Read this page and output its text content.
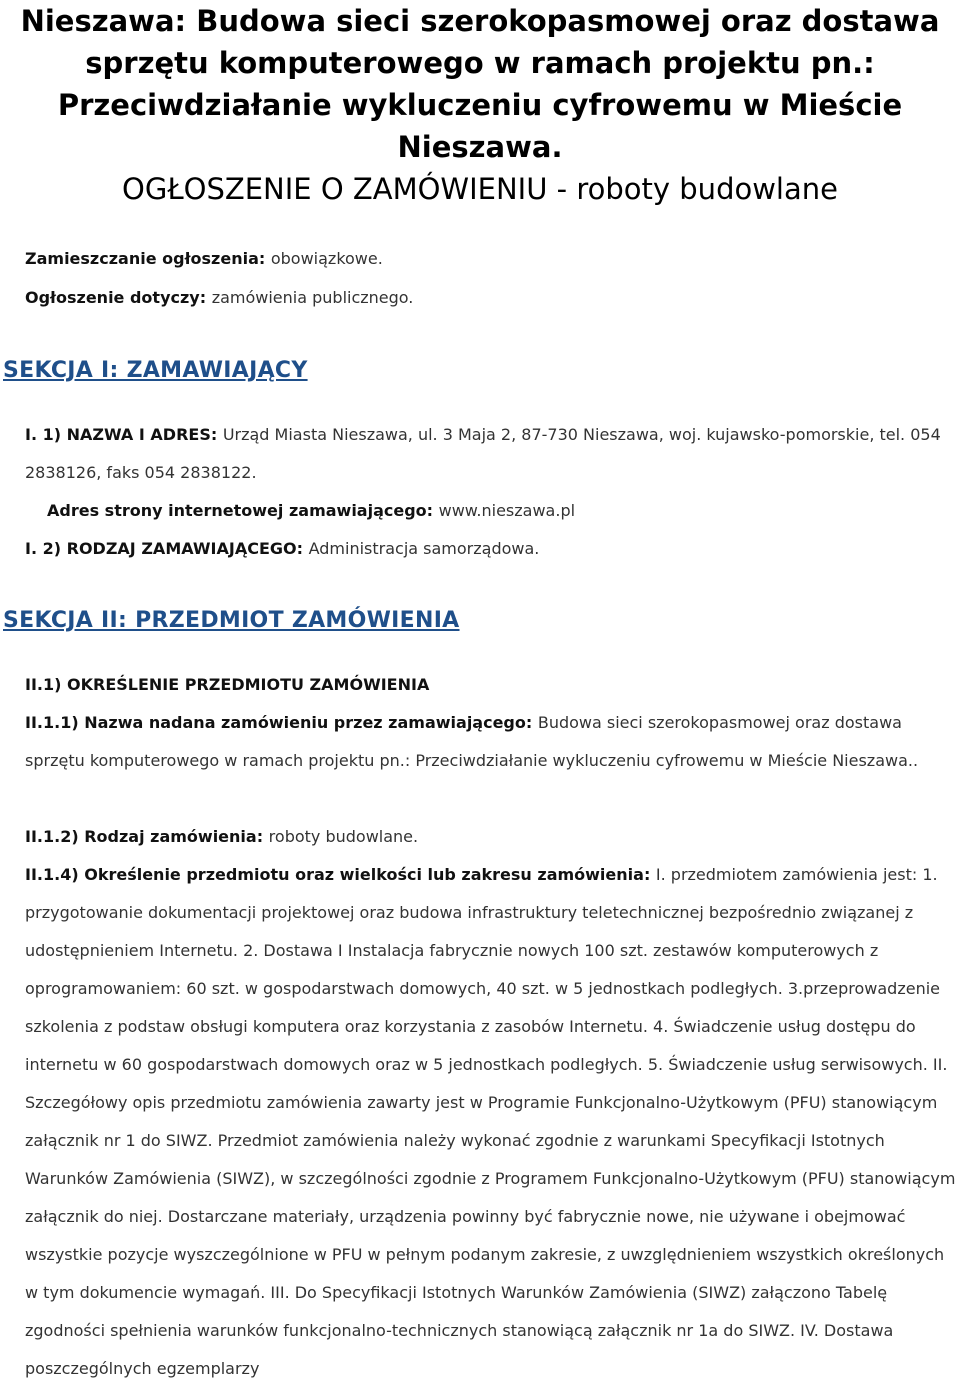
Nieszawa: Budowa sieci szerokopasmowej oraz dostawa

sprzętu komputerowego w ramach projektu pn.:

Przeciwdziałanie wykluczeniu cyfrowemu w Mieście

Nieszawa.

OGŁOSZENIE O ZAMÓWIENIU - roboty budowlane

Zamieszczanie ogłoszenia: obowiązkowe.
Ogłoszenie dotyczy: zamówienia publicznego.
SEKCJA I: ZAMAWIAJĄCY
I. 1) NAZWA I ADRES: Urząd Miasta Nieszawa, ul. 3 Maja 2, 87-730 Nieszawa, woj. kujawsko-pomorskie, tel. 054 2838126, faks 054 2838122.
Adres strony internetowej zamawiającego: www.nieszawa.pl
I. 2) RODZAJ ZAMAWIAJĄCEGO: Administracja samorządowa.
SEKCJA II: PRZEDMIOT ZAMÓWIENIA
II.1) OKREŚLENIE PRZEDMIOTU ZAMÓWIENIA
II.1.1) Nazwa nadana zamówieniu przez zamawiającego: Budowa sieci szerokopasmowej oraz dostawa sprzętu komputerowego w ramach projektu pn.: Przeciwdziałanie wykluczeniu cyfrowemu w Mieście Nieszawa..
II.1.2) Rodzaj zamówienia: roboty budowlane.
II.1.4) Określenie przedmiotu oraz wielkości lub zakresu zamówienia: I. przedmiotem zamówienia jest: 1. przygotowanie dokumentacji projektowej oraz budowa infrastruktury teletechnicznej bezpośrednio związanej z udostępnieniem Internetu. 2. Dostawa I Instalacja fabrycznie nowych 100 szt. zestawów komputerowych z oprogramowaniem: 60 szt. w gospodarstwach domowych, 40 szt. w 5 jednostkach podległych. 3.przeprowadzenie szkolenia z podstaw obsługi komputera oraz korzystania z zasobów Internetu. 4. Świadczenie usług dostępu do internetu w 60 gospodarstwach domowych oraz w 5 jednostkach podległych. 5. Świadczenie usług serwisowych. II. Szczegółowy opis przedmiotu zamówienia zawarty jest w Programie Funkcjonalno-Użytkowym (PFU) stanowiącym załącznik nr 1 do SIWZ. Przedmiot zamówienia należy wykonać zgodnie z warunkami Specyfikacji Istotnych Warunków Zamówienia (SIWZ), w szczególności zgodnie z Programem Funkcjonalno-Użytkowym (PFU) stanowiącym załącznik do niej. Dostarczane materiały, urządzenia powinny być fabrycznie nowe, nie używane i obejmować wszystkie pozycje wyszczególnione w PFU w pełnym podanym zakresie, z uwzględnieniem wszystkich określonych w tym dokumencie wymagań. III. Do Specyfikacji Istotnych Warunków Zamówienia (SIWZ) załączono Tabelę zgodności spełnienia warunków funkcjonalno-technicznych stanowiącą załącznik nr 1a do SIWZ. IV. Dostawa poszczególnych egzemplarzy
